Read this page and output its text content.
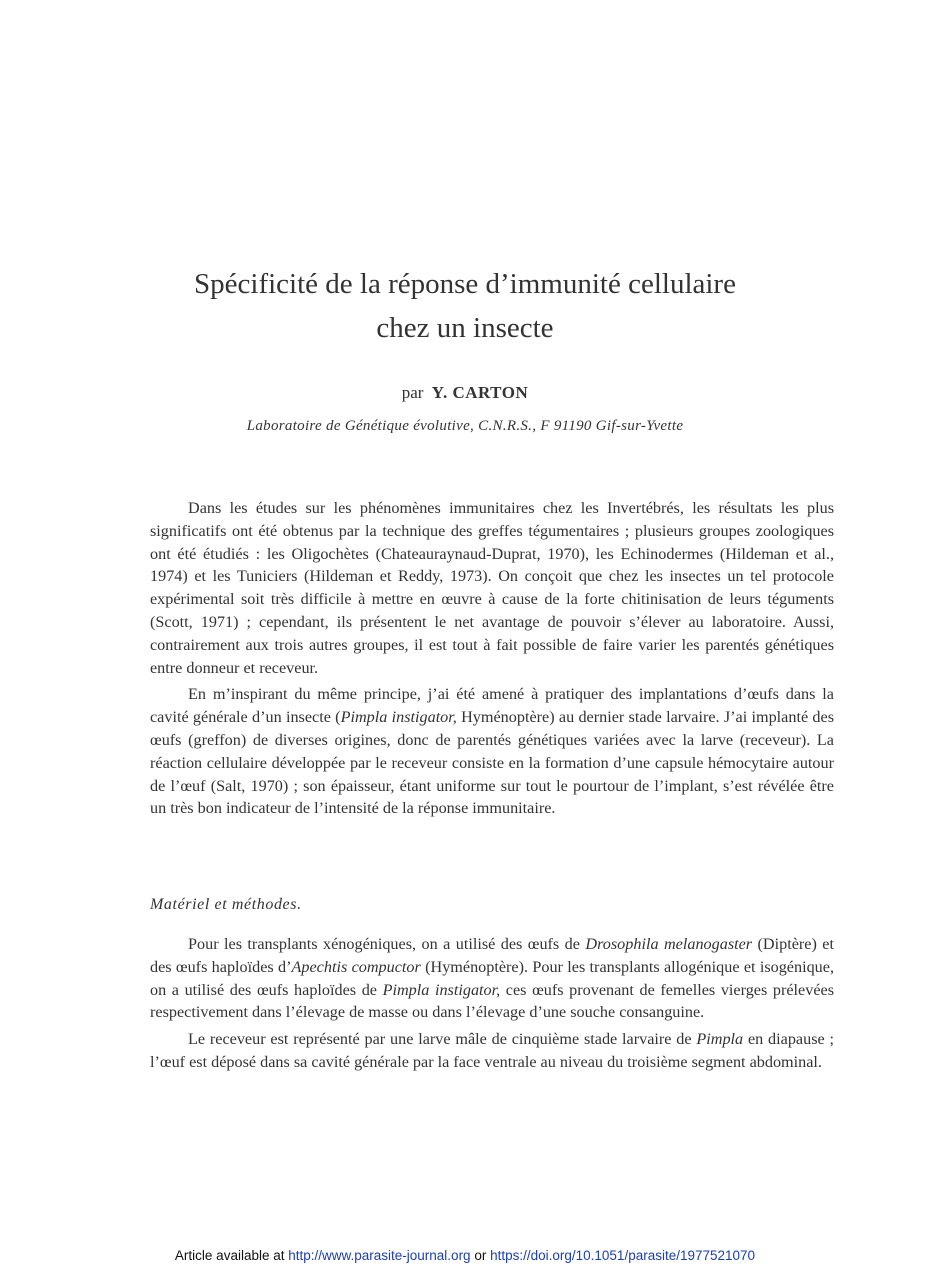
Spécificité de la réponse d’immunité cellulaire
chez un insecte
par Y. CARTON
Laboratoire de Génétique évolutive, C.N.R.S., F 91190 Gif-sur-Yvette

Dans les études sur les phénomènes immunitaires chez les Invertébrés, les résultats les plus significatifs ont été obtenus par la technique des greffes tégumentaires ; plusieurs groupes zoologiques ont été étudiés : les Oligochètes (Chateauraynaud-Duprat, 1970), les Echinodermes (Hildeman et al., 1974) et les Tuniciers (Hildeman et Reddy, 1973). On conçoit que chez les insectes un tel protocole expérimental soit très difficile à mettre en œuvre à cause de la forte chitinisation de leurs téguments (Scott, 1971) ; cependant, ils présentent le net avantage de pouvoir s’élever au laboratoire. Aussi, contrairement aux trois autres groupes, il est tout à fait possible de faire varier les parentés génétiques entre donneur et receveur.

En m’inspirant du même principe, j’ai été amené à pratiquer des implantations d’œufs dans la cavité générale d’un insecte (Pimpla instigator, Hyménoptère) au dernier stade larvaire. J’ai implanté des œufs (greffon) de diverses origines, donc de parentés génétiques variées avec la larve (receveur). La réaction cellulaire développée par le receveur consiste en la formation d’une capsule hémocytaire autour de l’œuf (Salt, 1970) ; son épaisseur, étant uniforme sur tout le pourtour de l’implant, s’est révélée être un très bon indicateur de l’intensité de la réponse immunitaire.

Matériel et méthodes.

Pour les transplants xénogéniques, on a utilisé des œufs de Drosophila melanogaster (Diptère) et des œufs haploïdes d’Apechtis compuctor (Hyménoptère). Pour les transplants allogénique et isogénique, on a utilisé des œufs haploïdes de Pimpla instigator, ces œufs provenant de femelles vierges prélevées respectivement dans l’élevage de masse ou dans l’élevage d’une souche consanguine.

Le receveur est représenté par une larve mâle de cinquième stade larvaire de Pimpla en diapause ; l’œuf est déposé dans sa cavité générale par la face ventrale au niveau du troisième segment abdominal.

Article available at http://www.parasite-journal.org or https://doi.org/10.1051/parasite/1977521070
